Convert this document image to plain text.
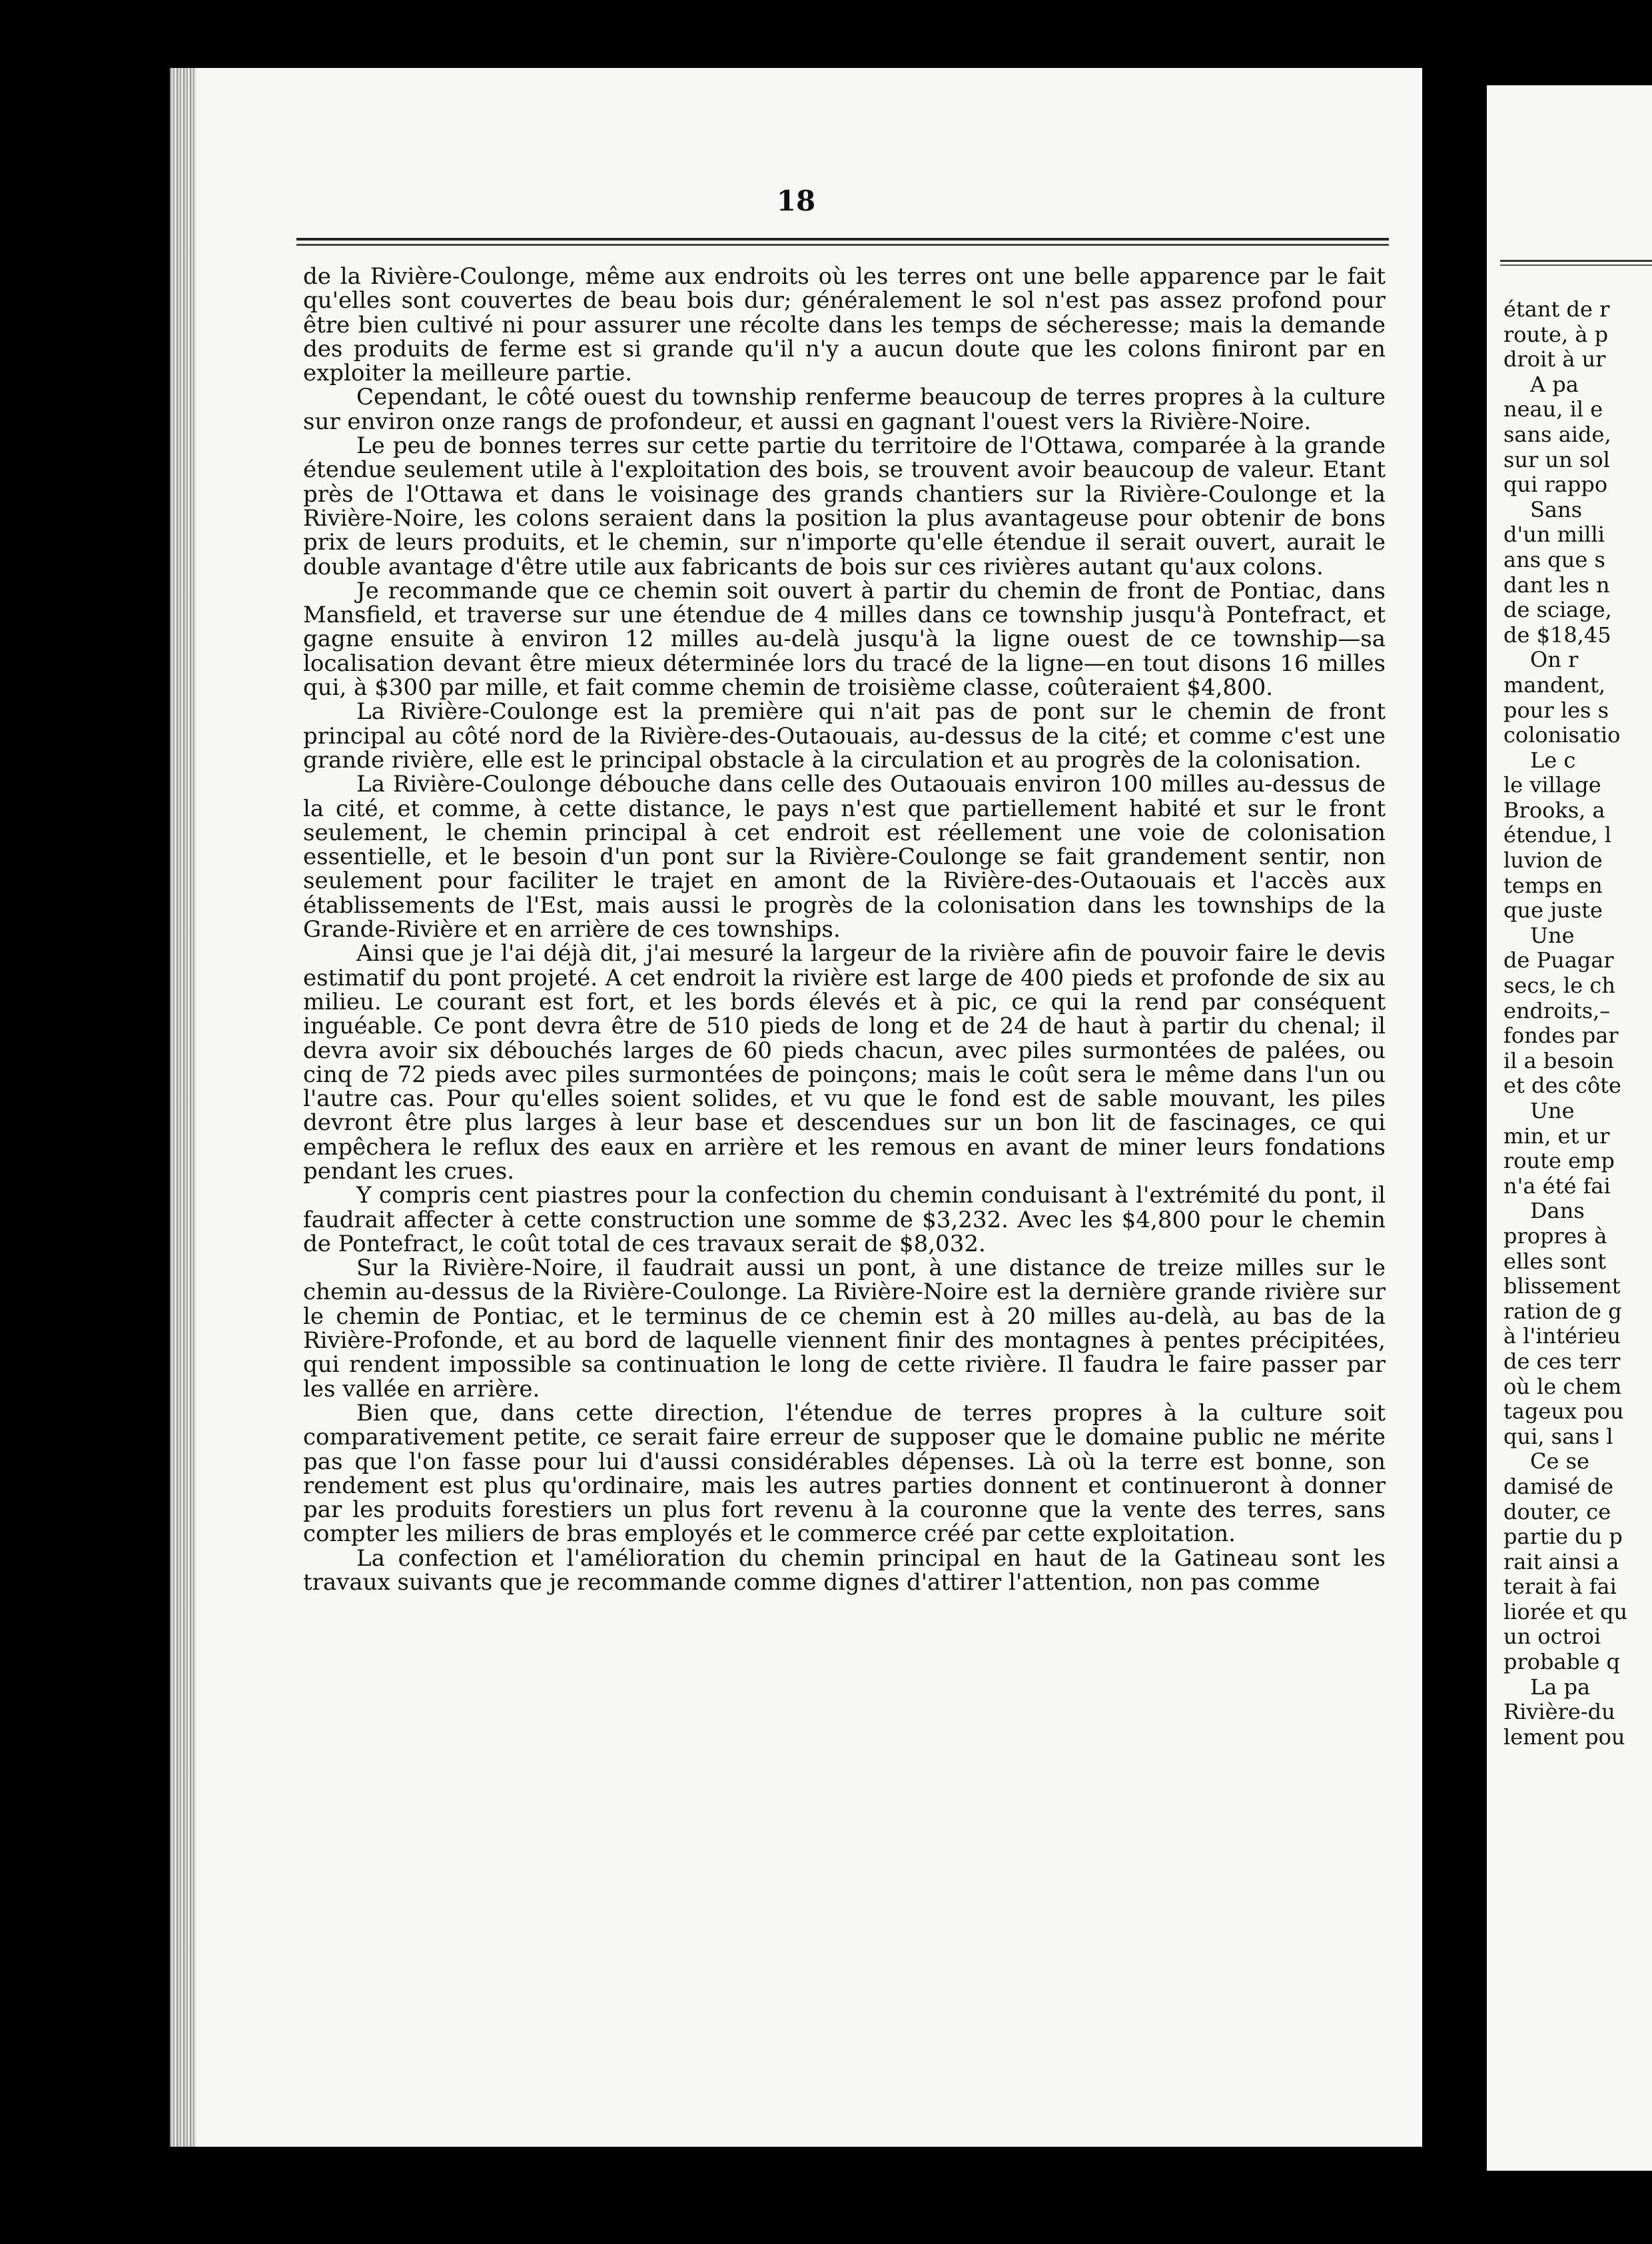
18

de la Rivière-Coulonge, même aux endroits où les terres ont une belle apparence par le fait qu'elles sont couvertes de beau bois dur; généralement le sol n'est pas assez profond pour être bien cultivé ni pour assurer une récolte dans les temps de sécheresse; mais la demande des produits de ferme est si grande qu'il n'y a aucun doute que les colons finiront par en exploiter la meilleure partie.

Cependant, le côté ouest du township renferme beaucoup de terres propres à la culture sur environ onze rangs de profondeur, et aussi en gagnant l'ouest vers la Rivière-Noire.

Le peu de bonnes terres sur cette partie du territoire de l'Ottawa, comparée à la grande étendue seulement utile à l'exploitation des bois, se trouvent avoir beaucoup de valeur. Etant près de l'Ottawa et dans le voisinage des grands chantiers sur la Rivière-Coulonge et la Rivière-Noire, les colons seraient dans la position la plus avantageuse pour obtenir de bons prix de leurs produits, et le chemin, sur n'importe qu'elle étendue il serait ouvert, aurait le double avantage d'être utile aux fabricants de bois sur ces rivières autant qu'aux colons.

Je recommande que ce chemin soit ouvert à partir du chemin de front de Pontiac, dans Mansfield, et traverse sur une étendue de 4 milles dans ce township jusqu'à Pontefract, et gagne ensuite à environ 12 milles au-delà jusqu'à la ligne ouest de ce township—sa localisation devant être mieux déterminée lors du tracé de la ligne—en tout disons 16 milles qui, à $300 par mille, et fait comme chemin de troisième classe, coûteraient $4,800.

La Rivière-Coulonge est la première qui n'ait pas de pont sur le chemin de front principal au côté nord de la Rivière-des-Outaouais, au-dessus de la cité; et comme c'est une grande rivière, elle est le principal obstacle à la circulation et au progrès de la colonisation.

La Rivière-Coulonge débouche dans celle des Outaouais environ 100 milles au-dessus de la cité, et comme, à cette distance, le pays n'est que partiellement habité et sur le front seulement, le chemin principal à cet endroit est réellement une voie de colonisation essentielle, et le besoin d'un pont sur la Rivière-Coulonge se fait grandement sentir, non seulement pour faciliter le trajet en amont de la Rivière-des-Outaouais et l'accès aux établissements de l'Est, mais aussi le progrès de la colonisation dans les townships de la Grande-Rivière et en arrière de ces townships.

Ainsi que je l'ai déjà dit, j'ai mesuré la largeur de la rivière afin de pouvoir faire le devis estimatif du pont projeté. A cet endroit la rivière est large de 400 pieds et profonde de six au milieu. Le courant est fort, et les bords élevés et à pic, ce qui la rend par conséquent inguéable. Ce pont devra être de 510 pieds de long et de 24 de haut à partir du chenal; il devra avoir six débouchés larges de 60 pieds chacun, avec piles surmontées de palées, ou cinq de 72 pieds avec piles surmontées de poinçons; mais le coût sera le même dans l'un ou l'autre cas. Pour qu'elles soient solides, et vu que le fond est de sable mouvant, les piles devront être plus larges à leur base et descendues sur un bon lit de fascinages, ce qui empêchera le reflux des eaux en arrière et les remous en avant de miner leurs fondations pendant les crues.

Y compris cent piastres pour la confection du chemin conduisant à l'extrémité du pont, il faudrait affecter à cette construction une somme de $3,232. Avec les $4,800 pour le chemin de Pontefract, le coût total de ces travaux serait de $8,032.

Sur la Rivière-Noire, il faudrait aussi un pont, à une distance de treize milles sur le chemin au-dessus de la Rivière-Coulonge. La Rivière-Noire est la dernière grande rivière sur le chemin de Pontiac, et le terminus de ce chemin est à 20 milles au-delà, au bas de la Rivière-Profonde, et au bord de laquelle viennent finir des montagnes à pentes précipitées, qui rendent impossible sa continuation le long de cette rivière. Il faudra le faire passer par les vallée en arrière.

Bien que, dans cette direction, l'étendue de terres propres à la culture soit comparativement petite, ce serait faire erreur de supposer que le domaine public ne mérite pas que l'on fasse pour lui d'aussi considérables dépenses. Là où la terre est bonne, son rendement est plus qu'ordinaire, mais les autres parties donnent et continueront à donner par les produits forestiers un plus fort revenu à la couronne que la vente des terres, sans compter les miliers de bras employés et le commerce créé par cette exploitation.

La confection et l'amélioration du chemin principal en haut de la Gatineau sont les travaux suivants que je recommande comme dignes d'attirer l'attention, non pas comme

étant de r
route, à p
droit à ur
A pa
neau, il e
sans aide,
sur un sol
qui rappo
Sans
d'un milli
ans que s
dant les n
de sciage,
de $18,45
On r
mandent,
pour les s
colonisatio
Le c
le village
Brooks, a
étendue, l
luvion de
temps en
que juste
Une
de Puagar
secs, le ch
endroits,–
fondes par
il a besoin
et des côte
Une
min, et ur
route emp
n'a été fai
Dans
propres à
elles sont
blissement
ration de g
à l'intérieu
de ces terr
où le chem
tageux pou
qui, sans l
Ce se
damisé de
douter, ce
partie du p
rait ainsi a
terait à fai
liorée et qu
un octroi
probable q
La pa
Rivière-du
lement pou
